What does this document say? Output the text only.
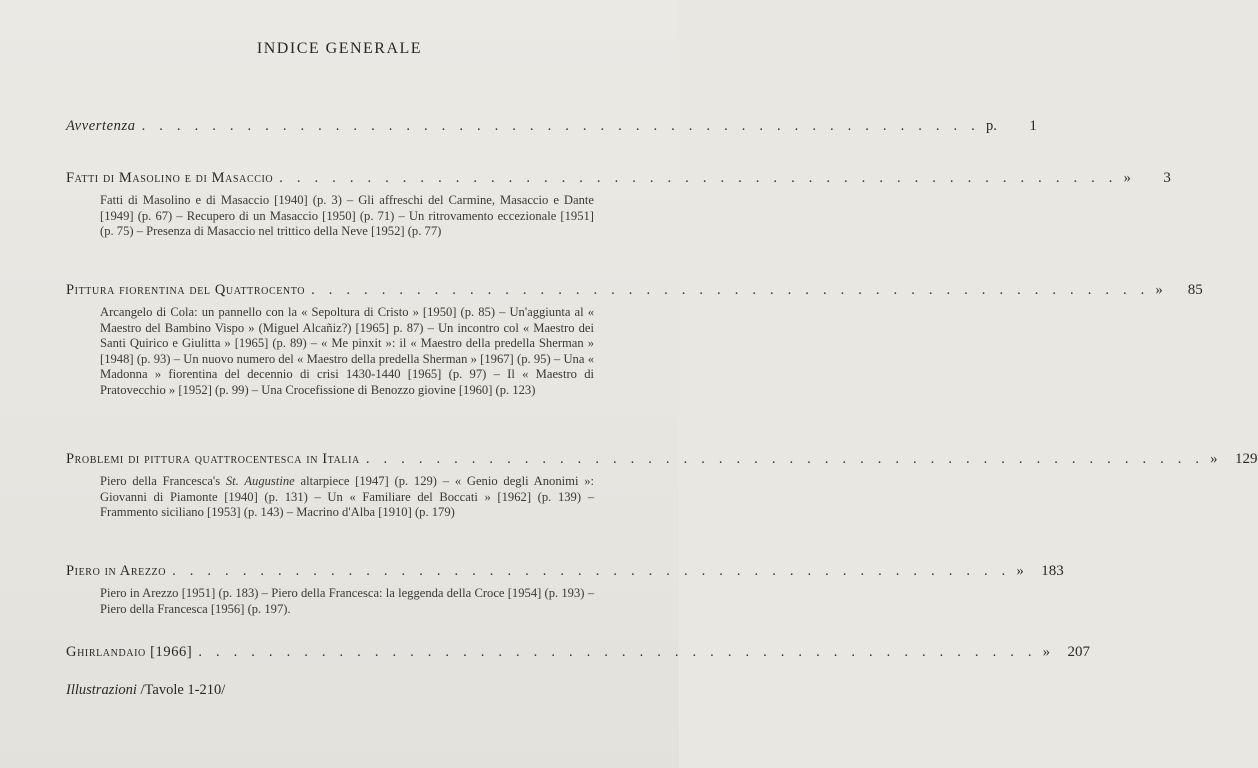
INDICE GENERALE
Avvertenza . . . . . . . . . . . . . . . . . . . . . . . . . . . . . . . . . . . . . . . . . . . . . . . . p.	1
Fatti di Masolino e di Masaccio . . . . . . . . . . . . . . . . . . . . . . . . . . . . . . . . . . . . . . . . . . . . . . . . »	3
Fatti di Masolino e di Masaccio [1940] (p. 3) – Gli affreschi del Carmine, Masaccio e Dante [1949] (p. 67) – Recupero di un Masaccio [1950] (p. 71) – Un ritrovamento eccezionale [1951] (p. 75) – Presenza di Masaccio nel trittico della Neve [1952] (p. 77)
Pittura fiorentina del Quattrocento . . . . . . . . . . . . . . . . . . . . . . . . . . . . . . . . . . . . . . . . . . . . . . . . »	85
Arcangelo di Cola: un pannello con la « Sepoltura di Cristo » [1950] (p. 85) – Un'aggiunta al « Maestro del Bambino Vispo » (Miguel Alcañiz?) [1965] p. 87) – Un incontro col « Maestro dei Santi Quirico e Giulitta » [1965] (p. 89) – « Me pinxit »: il « Maestro della predella Sherman » [1948] (p. 93) – Un nuovo numero del « Maestro della predella Sherman » [1967] (p. 95) – Una « Madonna » fiorentina del decennio di crisi 1430-1440 [1965] (p. 97) – Il « Maestro di Pratovecchio » [1952] (p. 99) – Una Crocefissione di Benozzo giovine [1960] (p. 123)
Problemi di pittura quattrocentesca in Italia . . . . . . . . . . . . . . . . . . . . . . . . . . . . . . . . . . . . . . . . . . . . . . . . »	129
Piero della Francesca's St. Augustine altarpiece [1947] (p. 129) – « Genio degli Anonimi »: Giovanni di Piamonte [1940] (p. 131) – Un « Familiare del Boccati » [1962] (p. 139) – Frammento siciliano [1953] (p. 143) – Macrino d'Alba [1910] (p. 179)
Piero in Arezzo . . . . . . . . . . . . . . . . . . . . . . . . . . . . . . . . . . . . . . . . . . . . . . . . »	183
Piero in Arezzo [1951] (p. 183) – Piero della Francesca: la leggenda della Croce [1954] (p. 193) – Piero della Francesca [1956] (p. 197).
Ghirlandaio [1966] . . . . . . . . . . . . . . . . . . . . . . . . . . . . . . . . . . . . . . . . . . . . . . . . »	207
Illustrazioni /Tavole 1-210/
